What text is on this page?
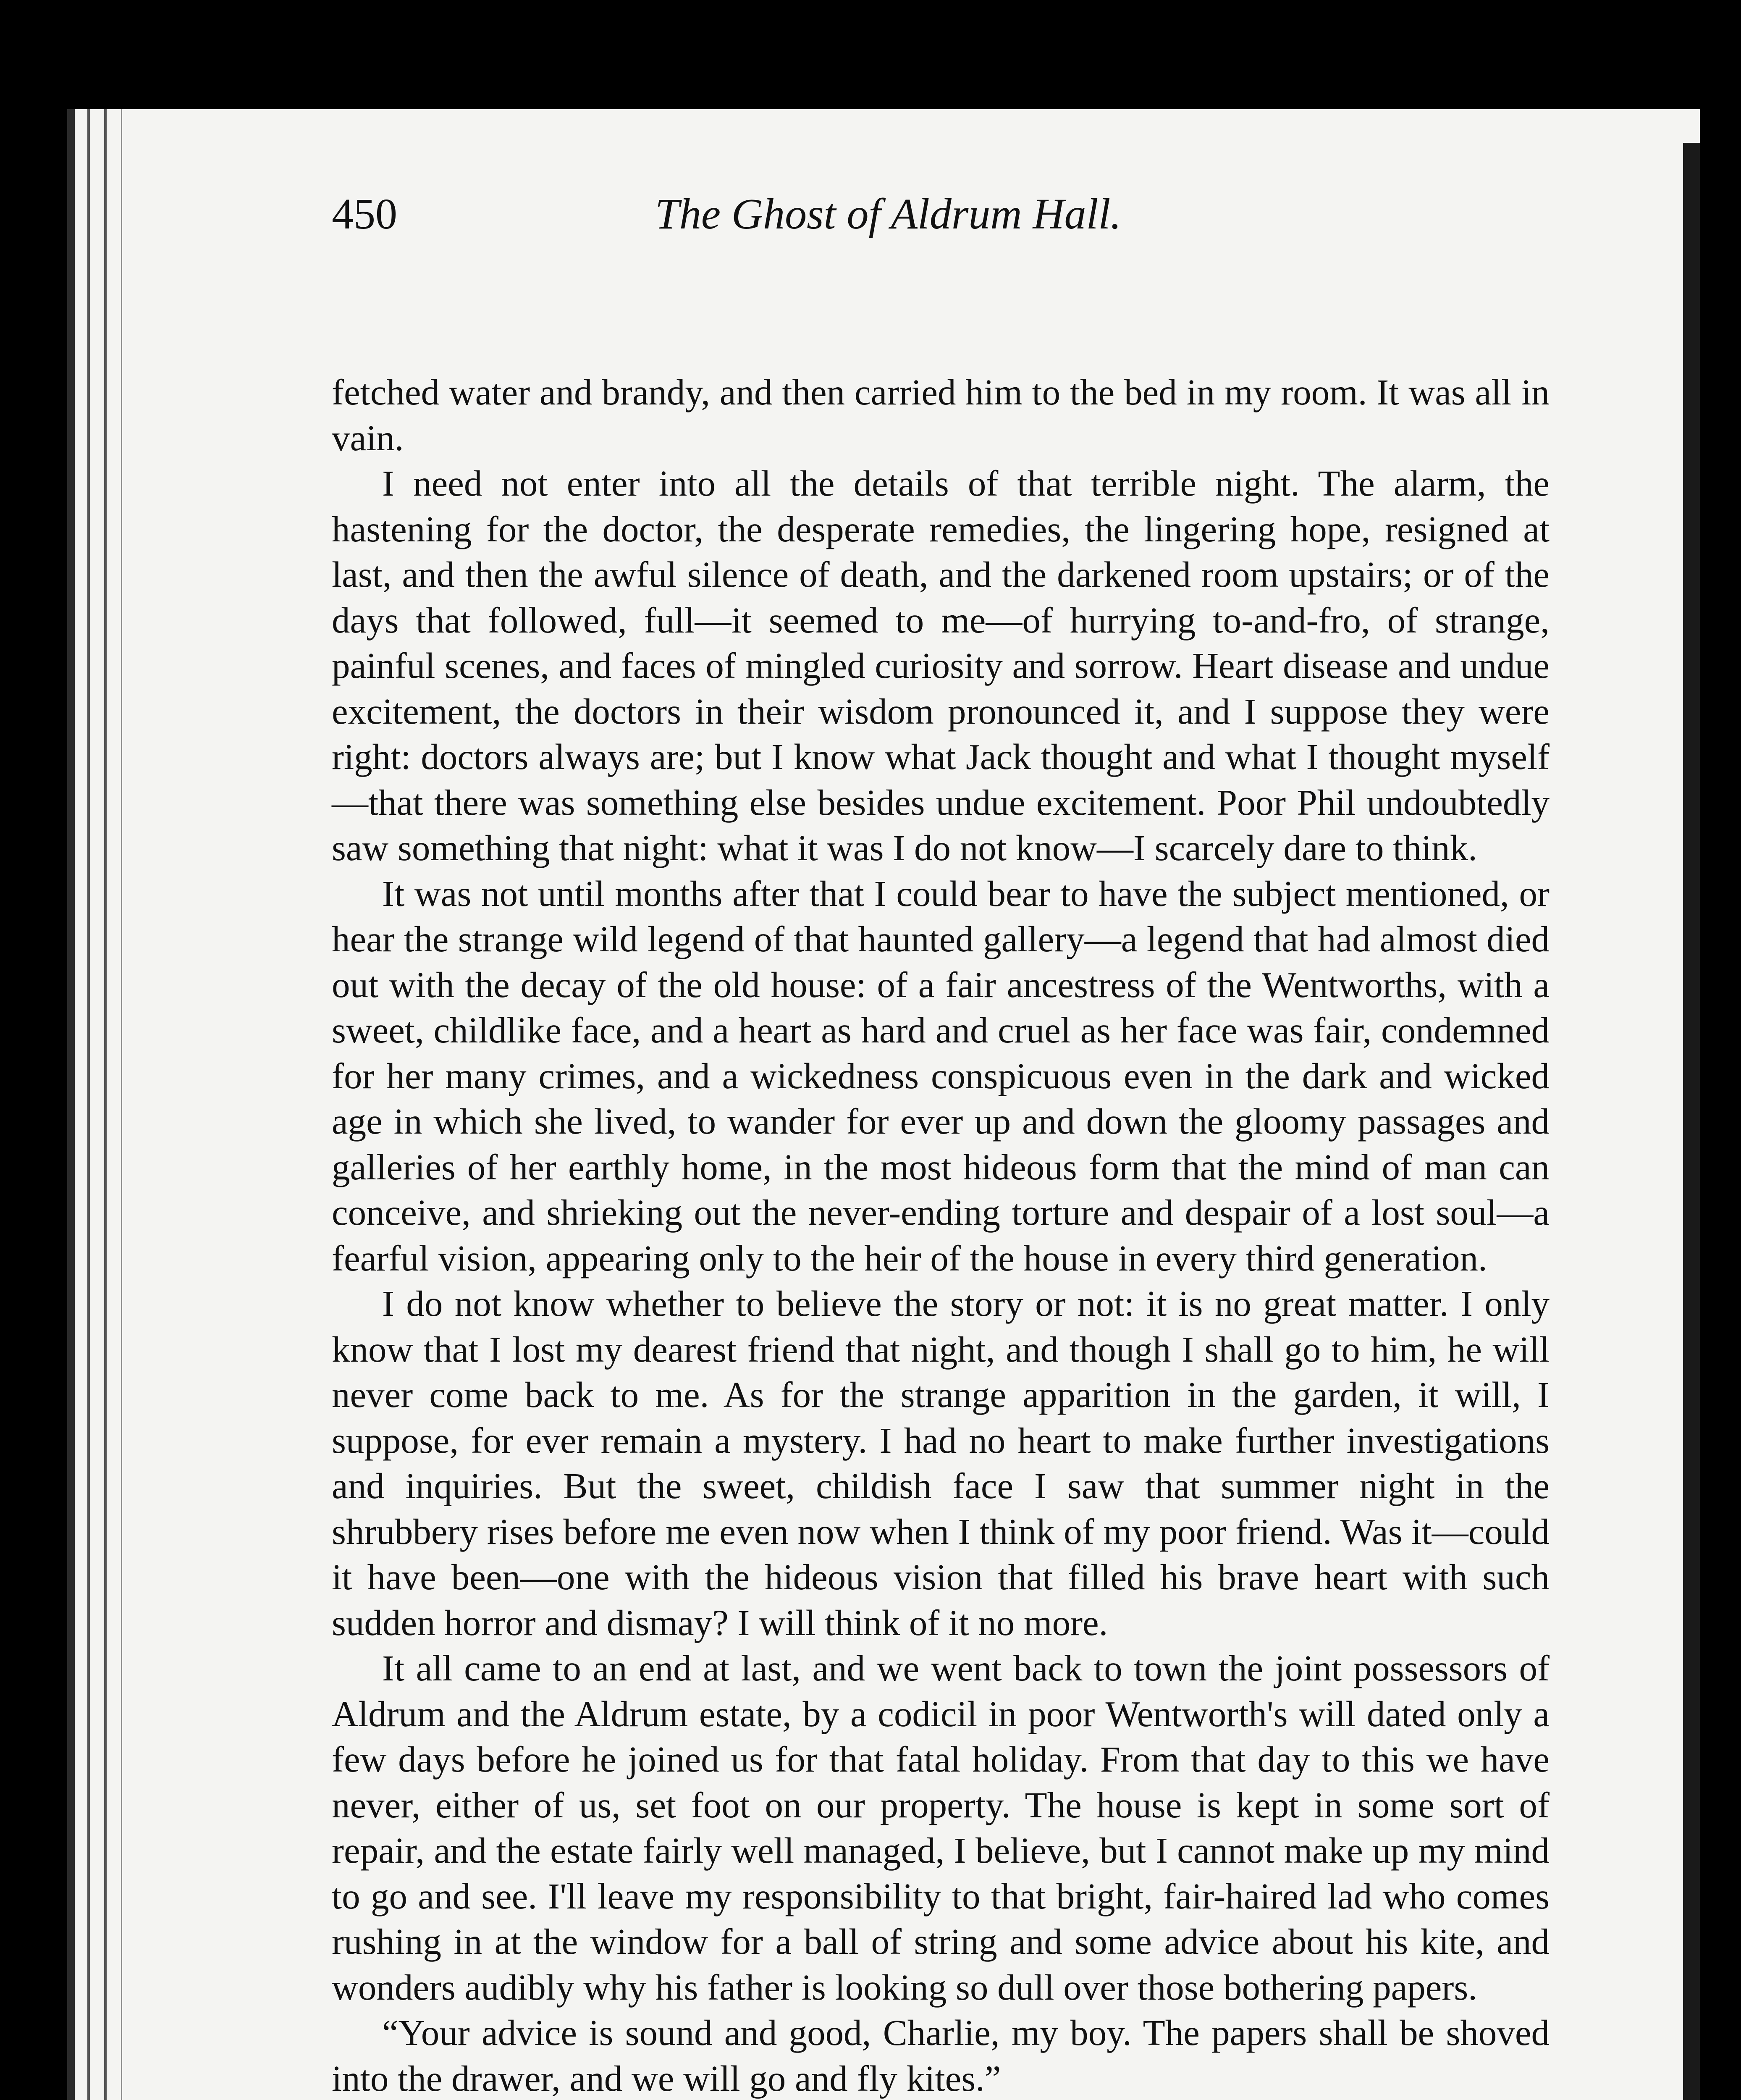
450	The Ghost of Aldrum Hall.

fetched water and brandy, and then carried him to the bed in my room. It was all in vain.

I need not enter into all the details of that terrible night. The alarm, the hastening for the doctor, the desperate remedies, the lingering hope, resigned at last, and then the awful silence of death, and the darkened room upstairs; or of the days that followed, full—it seemed to me—of hurrying to-and-fro, of strange, painful scenes, and faces of mingled curiosity and sorrow. Heart disease and undue excitement, the doctors in their wisdom pronounced it, and I suppose they were right: doctors always are; but I know what Jack thought and what I thought myself—that there was something else besides undue excitement. Poor Phil undoubtedly saw something that night: what it was I do not know—I scarcely dare to think.

It was not until months after that I could bear to have the subject mentioned, or hear the strange wild legend of that haunted gallery—a legend that had almost died out with the decay of the old house: of a fair ancestress of the Wentworths, with a sweet, childlike face, and a heart as hard and cruel as her face was fair, condemned for her many crimes, and a wickedness conspicuous even in the dark and wicked age in which she lived, to wander for ever up and down the gloomy passages and galleries of her earthly home, in the most hideous form that the mind of man can conceive, and shrieking out the never-ending torture and despair of a lost soul—a fearful vision, appearing only to the heir of the house in every third generation.

I do not know whether to believe the story or not: it is no great matter. I only know that I lost my dearest friend that night, and though I shall go to him, he will never come back to me. As for the strange apparition in the garden, it will, I suppose, for ever remain a mystery. I had no heart to make further investigations and inquiries. But the sweet, childish face I saw that summer night in the shrubbery rises before me even now when I think of my poor friend. Was it—could it have been—one with the hideous vision that filled his brave heart with such sudden horror and dismay? I will think of it no more.

It all came to an end at last, and we went back to town the joint possessors of Aldrum and the Aldrum estate, by a codicil in poor Wentworth's will dated only a few days before he joined us for that fatal holiday. From that day to this we have never, either of us, set foot on our property. The house is kept in some sort of repair, and the estate fairly well managed, I believe, but I cannot make up my mind to go and see. I'll leave my responsibility to that bright, fair-haired lad who comes rushing in at the window for a ball of string and some advice about his kite, and wonders audibly why his father is looking so dull over those bothering papers.

“Your advice is sound and good, Charlie, my boy. The papers shall be shoved into the drawer, and we will go and fly kites.”
